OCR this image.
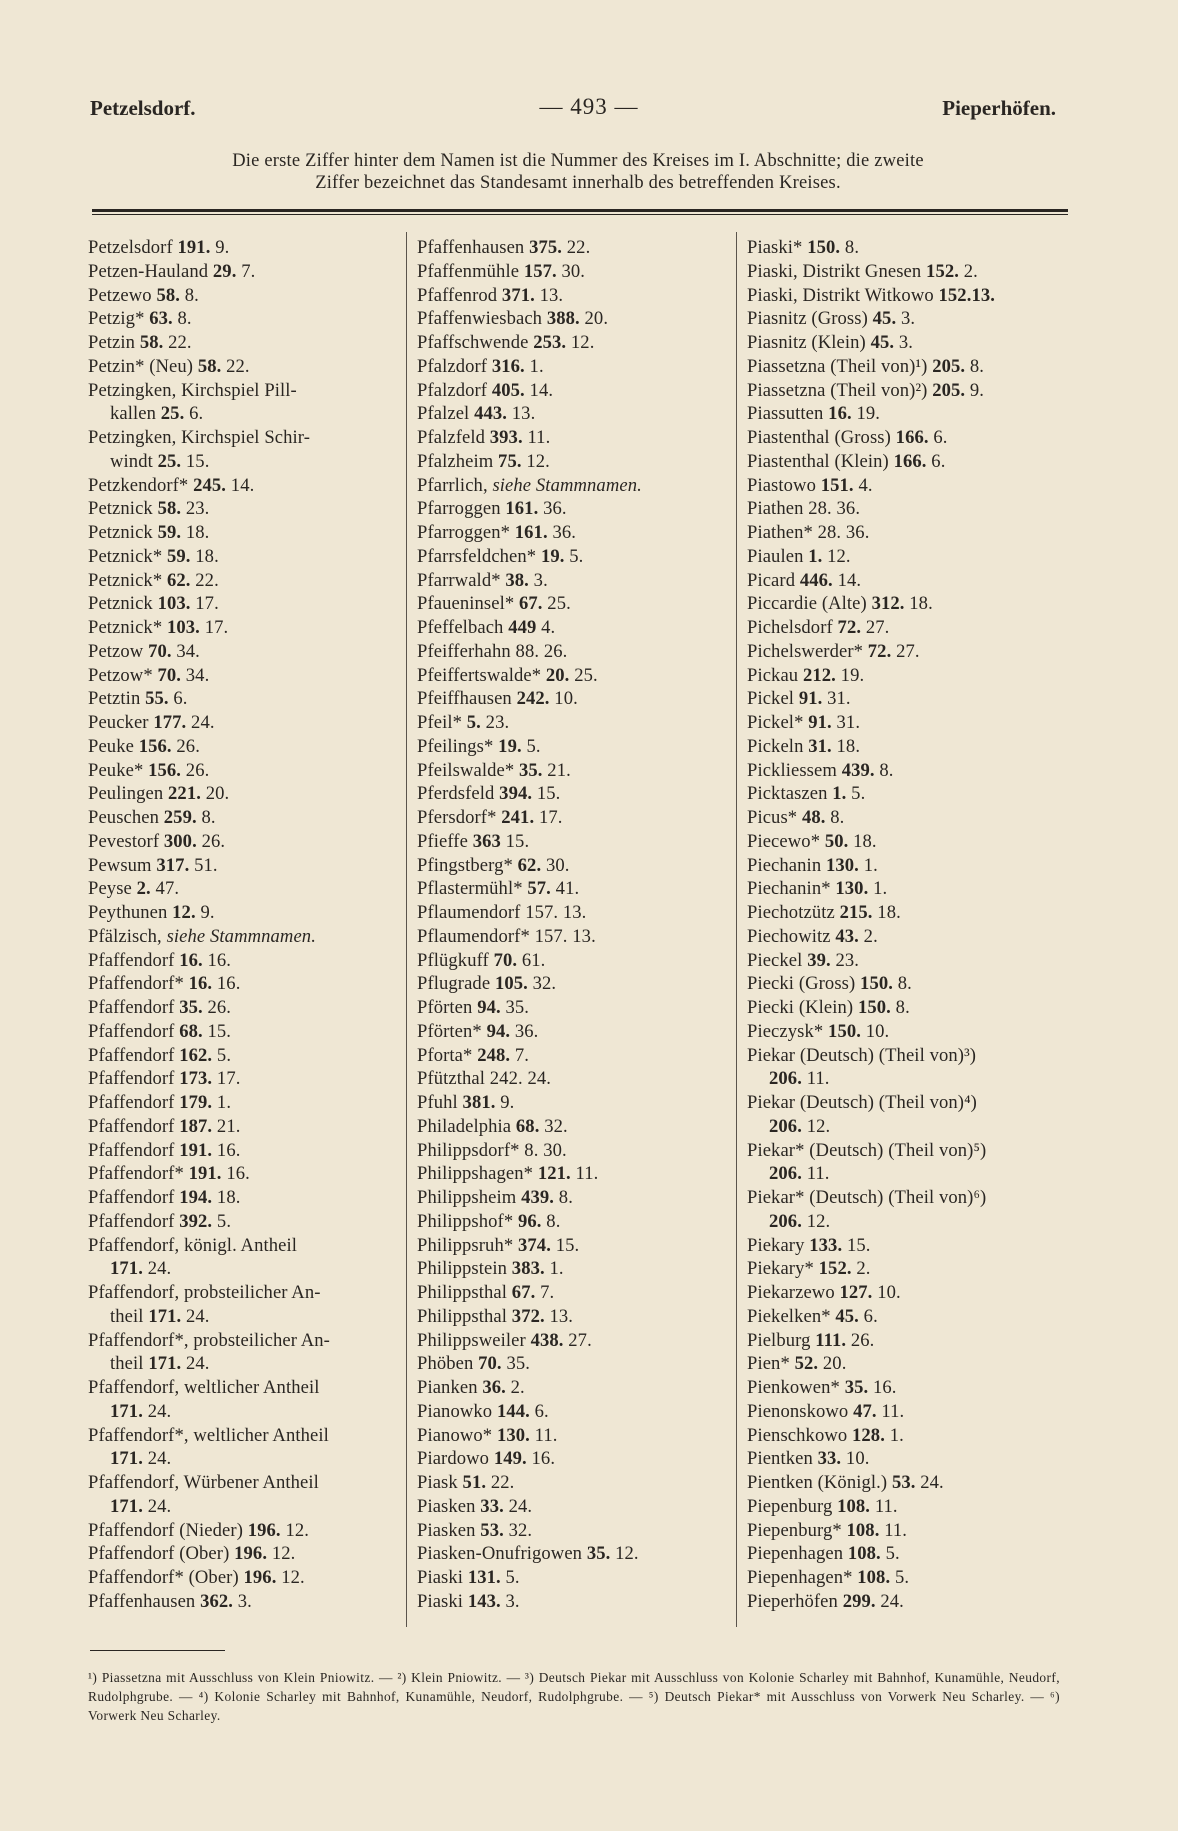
Petzelsdorf.	— 493 —	Pieperhöfen.
Die erste Ziffer hinter dem Namen ist die Nummer des Kreises im I. Abschnitte; die zweite
Ziffer bezeichnet das Standesamt innerhalb des betreffenden Kreises.
Petzelsdorf 191. 9.
Petzen-Hauland 29. 7.
Petzewo 58. 8.
Petzig* 63. 8.
Petzin 58. 22.
Petzin* (Neu) 58. 22.
Petzingken, Kirchspiel Pill-
kallen 25. 6.
Petzingken, Kirchspiel Schir-
windt 25. 15.
Petzkendorf* 245. 14.
Petznick 58. 23.
Petznick 59. 18.
Petznick* 59. 18.
Petznick* 62. 22.
Petznick 103. 17.
Petznick* 103. 17.
Petzow 70. 34.
Petzow* 70. 34.
Petztin 55. 6.
Peucker 177. 24.
Peuke 156. 26.
Peuke* 156. 26.
Peulingen 221. 20.
Peuschen 259. 8.
Pevestorf 300. 26.
Pewsum 317. 51.
Peyse 2. 47.
Peythunen 12. 9.
Pfälzisch, siehe Stammnamen.
Pfaffendorf 16. 16.
Pfaffendorf* 16. 16.
Pfaffendorf 35. 26.
Pfaffendorf 68. 15.
Pfaffendorf 162. 5.
Pfaffendorf 173. 17.
Pfaffendorf 179. 1.
Pfaffendorf 187. 21.
Pfaffendorf 191. 16.
Pfaffendorf* 191. 16.
Pfaffendorf 194. 18.
Pfaffendorf 392. 5.
Pfaffendorf, königl. Antheil
171. 24.
Pfaffendorf, probsteilicher An-
theil 171. 24.
Pfaffendorf*, probsteilicher An-
theil 171. 24.
Pfaffendorf, weltlicher Antheil
171. 24.
Pfaffendorf*, weltlicher Antheil
171. 24.
Pfaffendorf, Würbener Antheil
171. 24.
Pfaffendorf (Nieder) 196. 12.
Pfaffendorf (Ober) 196. 12.
Pfaffendorf* (Ober) 196. 12.
Pfaffenhausen 362. 3.
Pfaffenhausen 375. 22.
Pfaffenmühle 157. 30.
Pfaffenrod 371. 13.
Pfaffenwiesbach 388. 20.
Pfaffschwende 253. 12.
Pfalzdorf 316. 1.
Pfalzdorf 405. 14.
Pfalzel 443. 13.
Pfalzfeld 393. 11.
Pfalzheim 75. 12.
Pfarrlich, siehe Stammnamen.
Pfarroggen 161. 36.
Pfarroggen* 161. 36.
Pfarrsfeldchen* 19. 5.
Pfarrwald* 38. 3.
Pfaueninsel* 67. 25.
Pfeffelbach 449 4.
Pfeifferhahn 88. 26.
Pfeiffertswalde* 20. 25.
Pfeiffhausen 242. 10.
Pfeil* 5. 23.
Pfeilings* 19. 5.
Pfeilswalde* 35. 21.
Pferdsfeld 394. 15.
Pfersdorf* 241. 17.
Pfieffe 363 15.
Pfingstberg* 62. 30.
Pflastermühl* 57. 41.
Pflaumendorf 157. 13.
Pflaumendorf* 157. 13.
Pflügkuff 70. 61.
Pflugrade 105. 32.
Pförten 94. 35.
Pförten* 94. 36.
Pforta* 248. 7.
Pfützthal 242. 24.
Pfuhl 381. 9.
Philadelphia 68. 32.
Philippsdorf* 8. 30.
Philippshagen* 121. 11.
Philippsheim 439. 8.
Philippshof* 96. 8.
Philippsruh* 374. 15.
Philippstein 383. 1.
Philippsthal 67. 7.
Philippsthal 372. 13.
Philippsweiler 438. 27.
Phöben 70. 35.
Pianken 36. 2.
Pianowko 144. 6.
Pianowo* 130. 11.
Piardowo 149. 16.
Piask 51. 22.
Piasken 33. 24.
Piasken 53. 32.
Piasken-Onufrigowen 35. 12.
Piaski 131. 5.
Piaski 143. 3.
Piaski* 150. 8.
Piaski, Distrikt Gnesen 152. 2.
Piaski, Distrikt Witkowo 152.13.
Piasnitz (Gross) 45. 3.
Piasnitz (Klein) 45. 3.
Piassetzna (Theil von)¹) 205. 8.
Piassetzna (Theil von)²) 205. 9.
Piassutten 16. 19.
Piastenthal (Gross) 166. 6.
Piastenthal (Klein) 166. 6.
Piastowo 151. 4.
Piathen 28. 36.
Piathen* 28. 36.
Piaulen 1. 12.
Picard 446. 14.
Piccardie (Alte) 312. 18.
Pichelsdorf 72. 27.
Pichelswerder* 72. 27.
Pickau 212. 19.
Pickel 91. 31.
Pickel* 91. 31.
Pickeln 31. 18.
Pickliessem 439. 8.
Picktaszen 1. 5.
Picus* 48. 8.
Piecewo* 50. 18.
Piechanin 130. 1.
Piechanin* 130. 1.
Piechotzütz 215. 18.
Piechowitz 43. 2.
Pieckel 39. 23.
Piecki (Gross) 150. 8.
Piecki (Klein) 150. 8.
Pieczysk* 150. 10.
Piekar (Deutsch) (Theil von)³)
206. 11.
Piekar (Deutsch) (Theil von)⁴)
206. 12.
Piekar* (Deutsch) (Theil von)⁵)
206. 11.
Piekar* (Deutsch) (Theil von)⁶)
206. 12.
Piekary 133. 15.
Piekary* 152. 2.
Piekarzewo 127. 10.
Piekelken* 45. 6.
Pielburg 111. 26.
Pien* 52. 20.
Pienkowen* 35. 16.
Pienonskowo 47. 11.
Pienschkowo 128. 1.
Pientken 33. 10.
Pientken (Königl.) 53. 24.
Piepenburg 108. 11.
Piepenburg* 108. 11.
Piepenhagen 108. 5.
Piepenhagen* 108. 5.
Pieperhöfen 299. 24.
¹) Piassetzna mit Ausschluss von Klein Pniowitz. — ²) Klein Pniowitz. — ³) Deutsch Piekar mit Ausschluss von Kolonie Scharley mit Bahnhof, Kunamühle, Neudorf, Rudolphgrube. — ⁴) Kolonie Scharley mit Bahnhof, Kunamühle, Neudorf, Rudolphgrube. — ⁵) Deutsch Piekar* mit Ausschluss von Vorwerk Neu Scharley. — ⁶) Vorwerk Neu Scharley.
